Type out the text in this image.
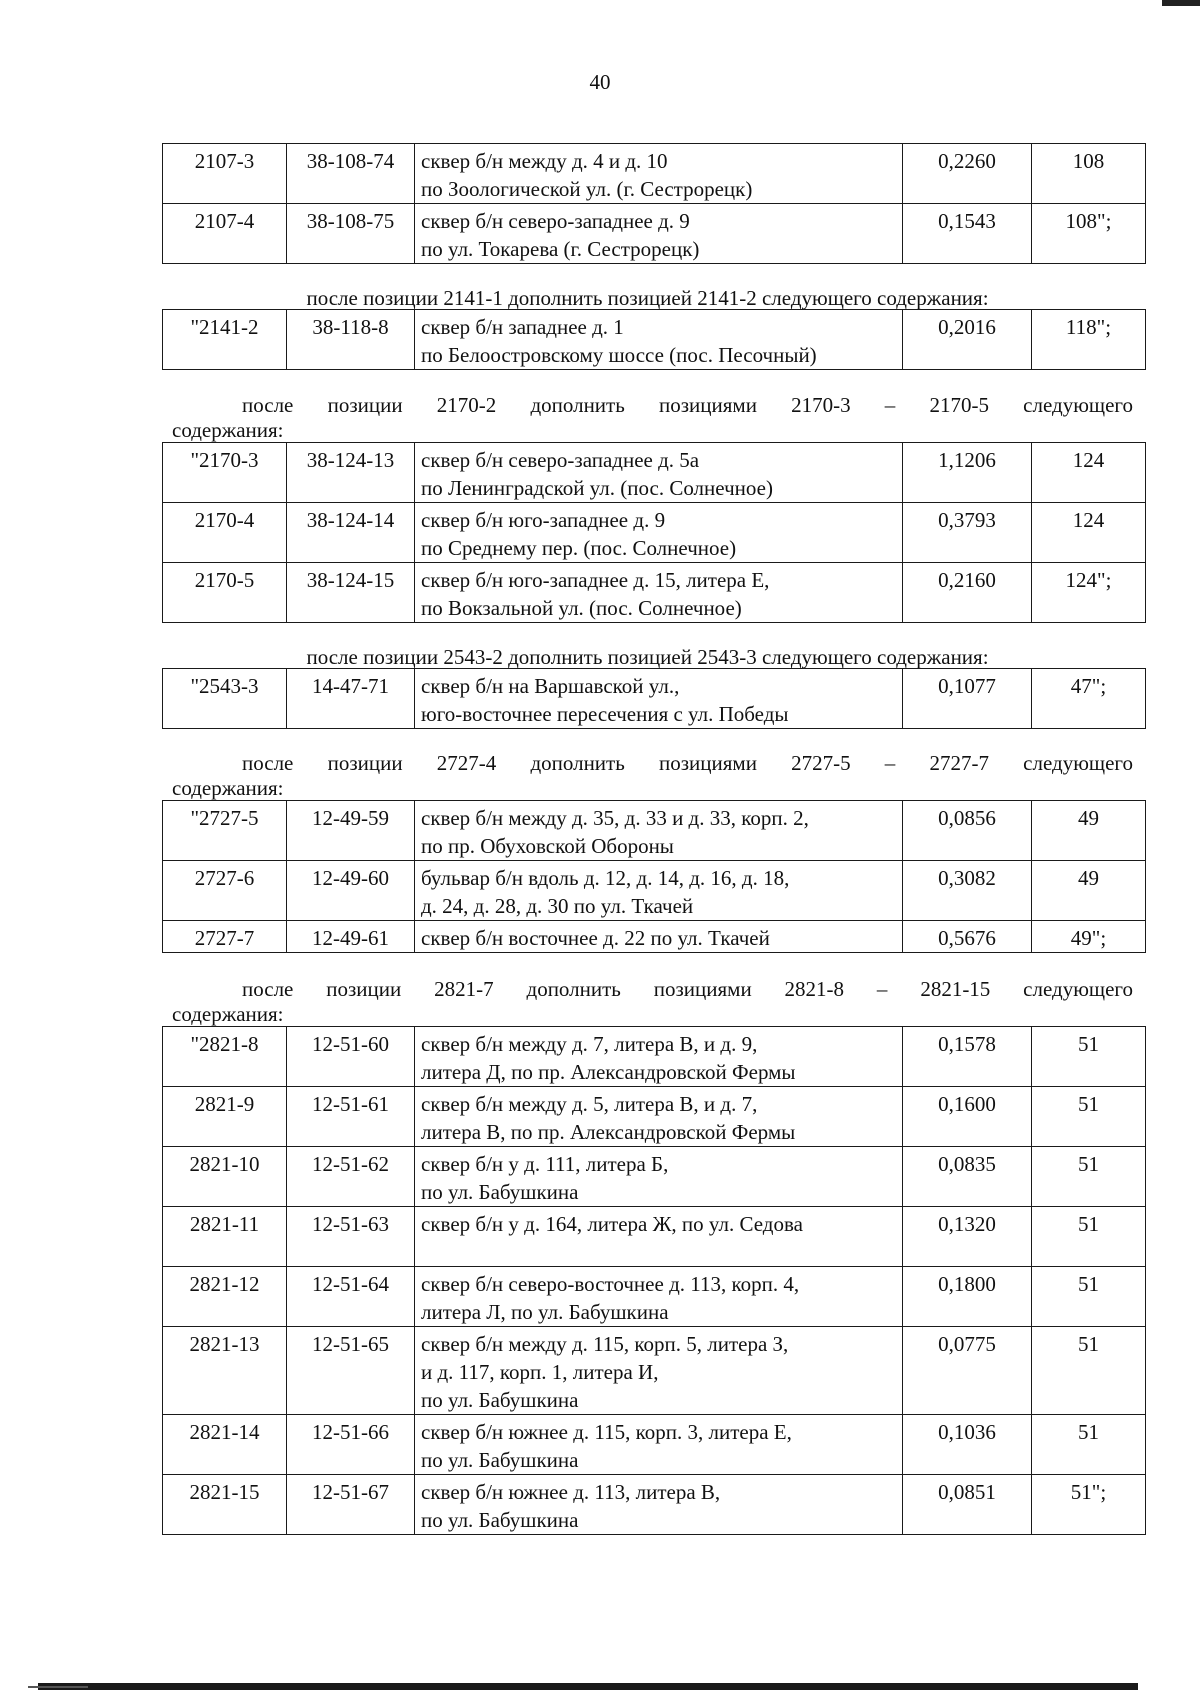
40
2107-3	38-108-74	сквер б/н между д. 4 и д. 10
по Зоологической ул. (г. Сестрорецк)	0,2260	108
2107-4	38-108-75	сквер б/н северо-западнее д. 9
по ул. Токарева (г. Сестрорецк)	0,1543	108";
после позиции 2141-1 дополнить позицией 2141-2 следующего содержания:
"2141-2	38-118-8	сквер б/н западнее д. 1
по Белоостровскому шоссе (пос. Песочный)
	0,2016	118";
после позиции 2170-2 дополнить позициями 2170-3 – 2170-5 следующего
содержания:
"2170-3	38-124-13	сквер б/н северо-западнее д. 5а
по Ленинградской ул. (пос. Солнечное)	1,1206	124
2170-4	38-124-14	сквер б/н юго-западнее д. 9
по Среднему пер. (пос. Солнечное)	0,3793	124
2170-5	38-124-15	сквер б/н юго-западнее д. 15, литера Е,
по Вокзальной ул. (пос. Солнечное)	0,2160	124";
после позиции 2543-2 дополнить позицией 2543-3 следующего содержания:
"2543-3	14-47-71	сквер б/н на Варшавской ул.,
юго-восточнее пересечения с ул. Победы
	0,1077	47";
после позиции 2727-4 дополнить позициями 2727-5 – 2727-7 следующего
содержания:
"2727-5	12-49-59	сквер б/н между д. 35, д. 33 и д. 33, корп. 2,
по пр. Обуховской Обороны	0,0856	49
2727-6	12-49-60	бульвар б/н вдоль д. 12, д. 14, д. 16, д. 18,
д. 24, д. 28, д. 30 по ул. Ткачей	0,3082	49
2727-7	12-49-61	сквер б/н восточнее д. 22 по ул. Ткачей	0,5676	49";
после позиции 2821-7 дополнить позициями 2821-8 – 2821-15 следующего
содержания:
"2821-8	12-51-60	сквер б/н между д. 7, литера В, и д. 9,
литера Д, по пр. Александровской Фермы	0,1578	51
2821-9	12-51-61	сквер б/н между д. 5, литера В, и д. 7,
литера В, по пр. Александровской Фермы	0,1600	51
2821-10	12-51-62	сквер б/н у д. 111, литера Б,
по ул. Бабушкина	0,0835	51
2821-11	12-51-63	сквер б/н у д. 164, литера Ж, по ул. Седова	0,1320	51
2821-12	12-51-64	сквер б/н северо-восточнее д. 113, корп. 4,
литера Л, по ул. Бабушкина	0,1800	51
2821-13	12-51-65	сквер б/н между д. 115, корп. 5, литера З,
и д. 117, корп. 1, литера И,
по ул. Бабушкина	0,0775	51
2821-14	12-51-66	сквер б/н южнее д. 115, корп. 3, литера Е,
по ул. Бабушкина	0,1036	51
2821-15	12-51-67	сквер б/н южнее д. 113, литера В,
по ул. Бабушкина	0,0851	51";
